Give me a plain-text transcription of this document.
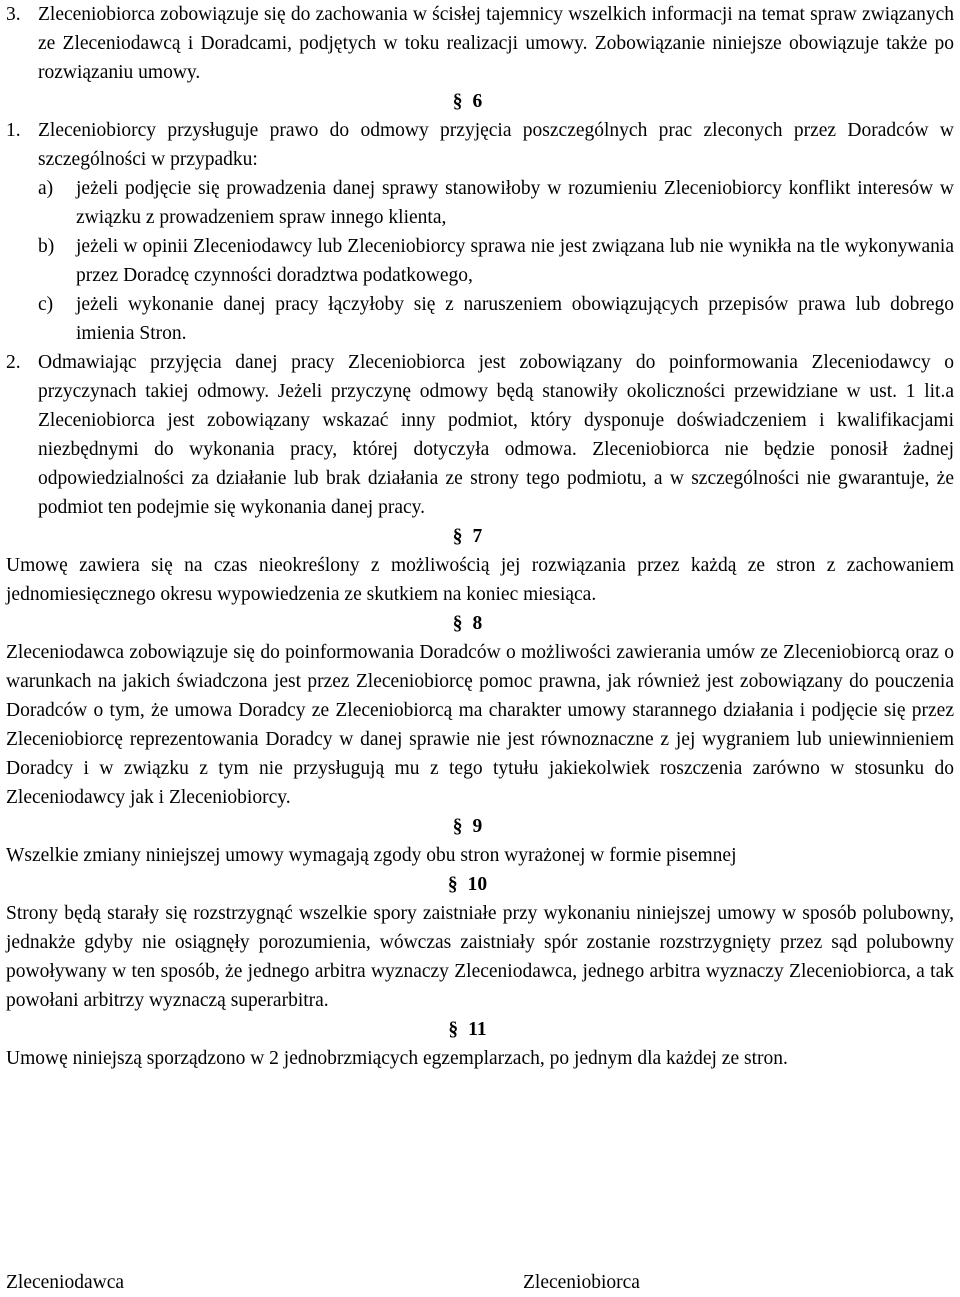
3. Zleceniobiorca zobowiązuje się do zachowania w ścisłej tajemnicy wszelkich informacji na temat spraw związanych ze Zleceniodawcą i Doradcami, podjętych w toku realizacji umowy. Zobowiązanie niniejsze obowiązuje także po rozwiązaniu umowy.
§ 6
1. Zleceniobiorcy przysługuje prawo do odmowy przyjęcia poszczególnych prac zleconych przez Doradców w szczególności w przypadku:
a) jeżeli podjęcie się prowadzenia danej sprawy stanowiłoby w rozumieniu Zleceniobiorcy konflikt interesów w związku z prowadzeniem spraw innego klienta,
b) jeżeli w opinii Zleceniodawcy lub Zleceniobiorcy sprawa nie jest związana lub nie wynikła na tle wykonywania przez Doradcę czynności doradztwa podatkowego,
c) jeżeli wykonanie danej pracy łączyłoby się z naruszeniem obowiązujących przepisów prawa lub dobrego imienia Stron.
2. Odmawiając przyjęcia danej pracy Zleceniobiorca jest zobowiązany do poinformowania Zleceniodawcy o przyczynach takiej odmowy. Jeżeli przyczynę odmowy będą stanowiły okoliczności przewidziane w ust. 1 lit.a Zleceniobiorca jest zobowiązany wskazać inny podmiot, który dysponuje doświadczeniem i kwalifikacjami niezbędnymi do wykonania pracy, której dotyczyła odmowa. Zleceniobiorca nie będzie ponosił żadnej odpowiedzialności za działanie lub brak działania ze strony tego podmiotu, a w szczególności nie gwarantuje, że podmiot ten podejmie się wykonania danej pracy.
§ 7
Umowę zawiera się na czas nieokreślony z możliwością jej rozwiązania przez każdą ze stron z zachowaniem jednomiesięcznego okresu wypowiedzenia ze skutkiem na koniec miesiąca.
§ 8
Zleceniodawca zobowiązuje się do poinformowania Doradców o możliwości zawierania umów ze Zleceniobiorcą oraz o warunkach na jakich świadczona jest przez Zleceniobiorcę pomoc prawna, jak również jest zobowiązany do pouczenia Doradców o tym, że umowa Doradcy ze Zleceniobiorcą ma charakter umowy starannego działania i podjęcie się przez Zleceniobiorcę reprezentowania Doradcy w danej sprawie nie jest równoznaczne z jej wygraniem lub uniewinnieniem Doradcy i w związku z tym nie przysługują mu z tego tytułu jakiekolwiek roszczenia zarówno w stosunku do Zleceniodawcy jak i Zleceniobiorcy.
§ 9
Wszelkie zmiany niniejszej umowy wymagają zgody obu stron wyrażonej w formie pisemnej
§ 10
Strony będą starały się rozstrzygnąć wszelkie spory zaistniałe przy wykonaniu niniejszej umowy w sposób polubowny, jednakże gdyby nie osiągnęły porozumienia, wówczas zaistniały spór zostanie rozstrzygnięty przez sąd polubowny powoływany w ten sposób, że jednego arbitra wyznaczy Zleceniodawca, jednego arbitra wyznaczy Zleceniobiorca, a tak powołani arbitrzy wyznaczą superarbitra.
§ 11
Umowę niniejszą sporządzono w 2 jednobrzmiących egzemplarzach, po jednym dla każdej ze stron.
Zleceniodawca	Zleceniobiorca
